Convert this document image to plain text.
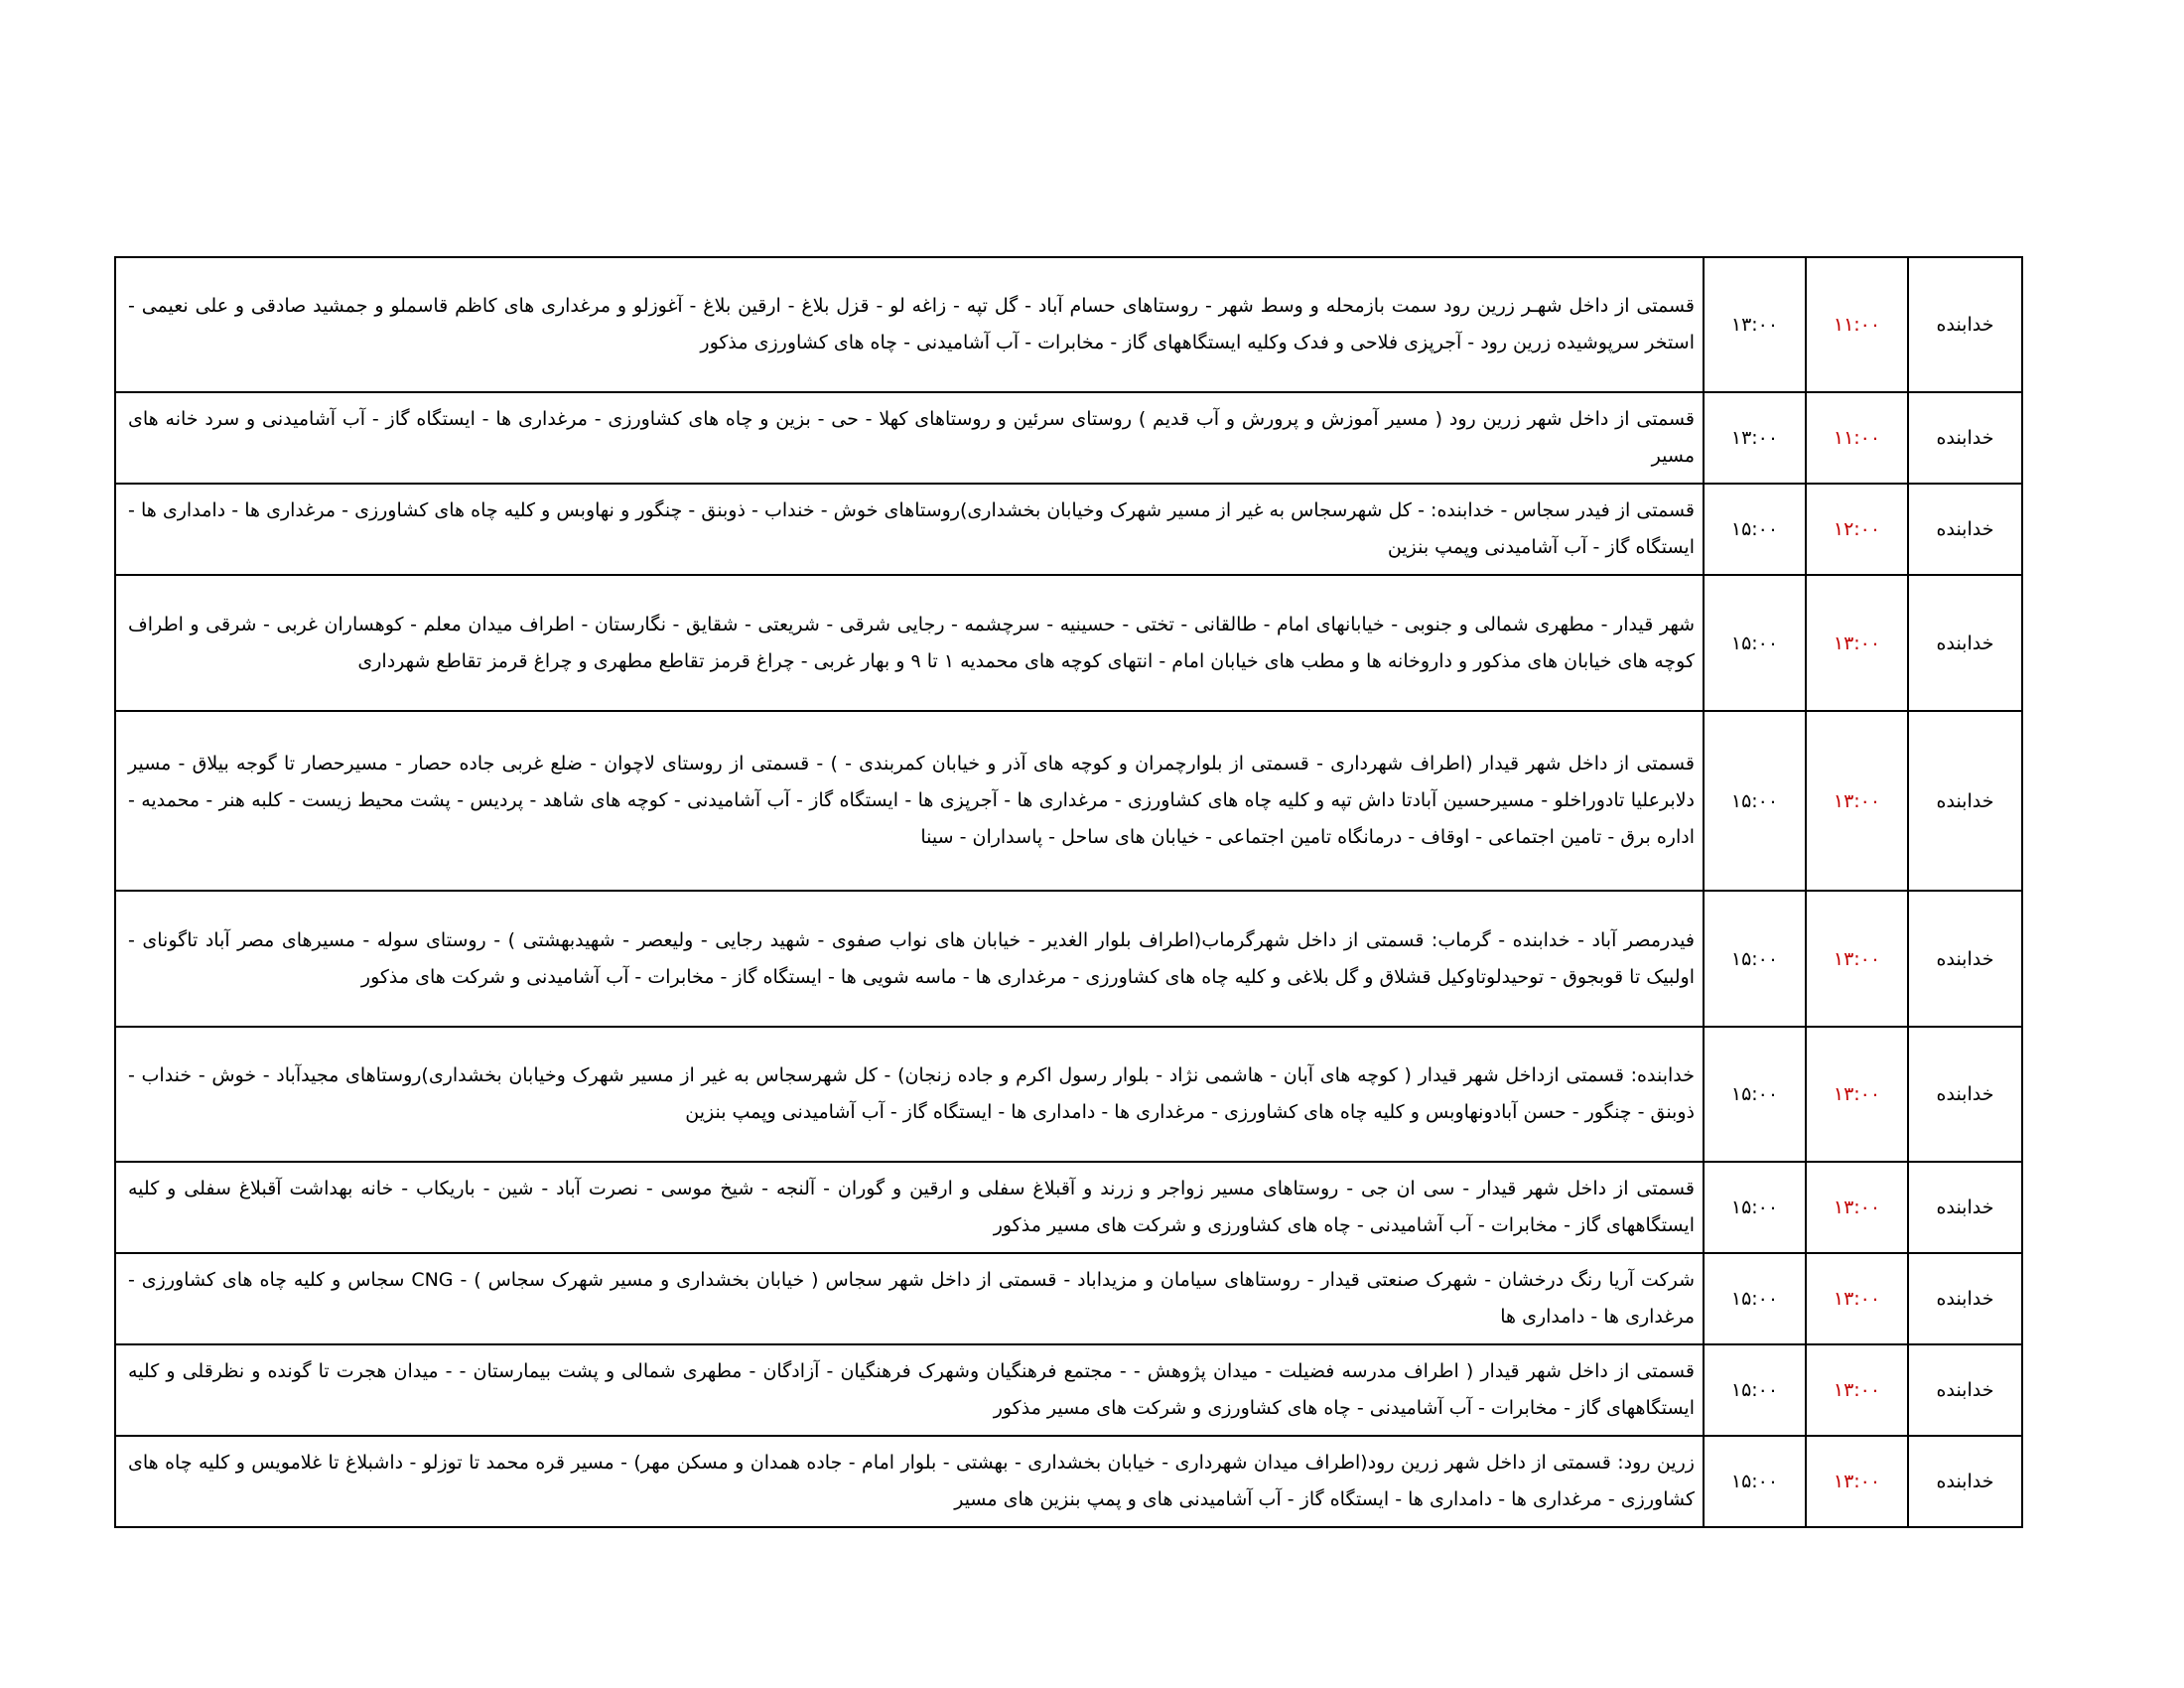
خدابنده	۱۱:۰۰	۱۳:۰۰	قسمتی از داخل شهـر زرین رود سمت بازمحله و وسط شهر - روستاهای حسام آباد - گل تپه - زاغه لو - قزل بلاغ - ارقین بلاغ - آغوزلو و مرغداری های کاظم قاسملو و جمشید صادقی و علی نعیمی - استخر سرپوشیده زرین رود - آجرپزی فلاحی و فدک وکلیه ایستگاههای گاز - مخابرات - آب آشامیدنی - چاه های کشاورزی مذکور
خدابنده	۱۱:۰۰	۱۳:۰۰	قسمتی از داخل شهر زرین رود ( مسیر آموزش و پرورش و آب قدیم ) روستای سرئین و روستاهای کهلا - حی - بزین و چاه های کشاورزی - مرغداری ها - ایستگاه گاز - آب آشامیدنی و سرد خانه های مسیر
خدابنده	۱۲:۰۰	۱۵:۰۰	قسمتی از فیدر سجاس - خدابنده: - کل شهرسجاس به غیر از مسیر شهرک وخیابان بخشداری)روستاهای خوش - خنداب - ذوبنق - چنگور و نهاوبس و کلیه چاه های کشاورزی - مرغداری ها - دامداری ها - ایستگاه گاز - آب آشامیدنی وپمپ بنزین
خدابنده	۱۳:۰۰	۱۵:۰۰	شهر قیدار - مطهری شمالی و جنوبی - خیابانهای امام - طالقانی - تختی - حسینیه - سرچشمه - رجایی شرقی - شریعتی - شقایق - نگارستان - اطراف میدان معلم - کوهساران غربی - شرقی و اطراف کوچه های خیابان های مذکور و داروخانه ها و مطب های خیابان امام - انتهای کوچه های محمدیه ۱ تا ۹ و بهار غربی - چراغ قرمز تقاطع مطهری و چراغ قرمز تقاطع شهرداری
خدابنده	۱۳:۰۰	۱۵:۰۰	قسمتی از داخل شهر قیدار (اطراف شهرداری - قسمتی از بلوارچمران و کوچه های آذر و خیابان کمربندی - ) - قسمتی از روستای لاچوان - ضلع غربی جاده حصار - مسیرحصار تا گوجه بیلاق - مسیر دلابرعلیا تادوراخلو - مسیرحسین آبادتا داش تپه و کلیه چاه های کشاورزی - مرغداری ها - آجرپزی ها - ایستگاه گاز - آب آشامیدنی - کوچه های شاهد - پردیس - پشت محیط زیست - کلبه هنر - محمدیه - اداره برق - تامین اجتماعی - اوقاف - درمانگاه تامین اجتماعی - خیابان های ساحل - پاسداران - سینا
خدابنده	۱۳:۰۰	۱۵:۰۰	فیدرمصر آباد - خدابنده - گرماب: قسمتی از داخل شهرگرماب(اطراف بلوار الغدیر - خیابان های نواب صفوی - شهید رجایی - ولیعصر - شهیدبهشتی ) - روستای سوله - مسیرهای مصر آباد تاگونای - اولبیک تا قوبجوق - توحیدلوتاوکیل قشلاق و گل بلاغی و کلیه چاه های کشاورزی - مرغداری ها - ماسه شویی ها - ایستگاه گاز - مخابرات - آب آشامیدنی و شرکت های مذکور
خدابنده	۱۳:۰۰	۱۵:۰۰	خدابنده: قسمتی ازداخل شهر قیدار ( کوچه های آبان - هاشمی نژاد - بلوار رسول اکرم و جاده زنجان) - کل شهرسجاس به غیر از مسیر شهرک وخیابان بخشداری)روستاهای مجیدآباد - خوش - خنداب - ذوبنق - چنگور - حسن آبادونهاوبس و کلیه چاه های کشاورزی - مرغداری ها - دامداری ها - ایستگاه گاز - آب آشامیدنی وپمپ بنزین
خدابنده	۱۳:۰۰	۱۵:۰۰	قسمتی از داخل شهر قیدار - سی ان جی - روستاهای مسیر زواجر و زرند و آقبلاغ سفلی و ارقین و گوران - آلنجه - شیخ موسی - نصرت آباد - شین - باریکاب - خانه بهداشت آقبلاغ سفلی و کلیه ایستگاههای گاز - مخابرات - آب آشامیدنی - چاه های کشاورزی و شرکت های مسیر مذکور
خدابنده	۱۳:۰۰	۱۵:۰۰	شرکت آریا رنگ درخشان - شهرک صنعتی قیدار - روستاهای سیامان و مزیداباد - قسمتی از داخل شهر سجاس ( خیابان بخشداری و مسیر شهرک سجاس ) - CNG سجاس و کلیه چاه های کشاورزی - مرغداری ها - دامداری ها
خدابنده	۱۳:۰۰	۱۵:۰۰	قسمتی از داخل شهر قیدار ( اطراف مدرسه فضیلت - میدان پژوهش - - مجتمع فرهنگیان وشهرک فرهنگیان - آزادگان - مطهری شمالی و پشت بیمارستان - - میدان هجرت تا گونده و نظرقلی و کلیه ایستگاههای گاز - مخابرات - آب آشامیدنی - چاه های کشاورزی و شرکت های مسیر مذکور
خدابنده	۱۳:۰۰	۱۵:۰۰	زرین رود: قسمتی از داخل شهر زرین رود(اطراف میدان شهرداری - خیابان بخشداری - بهشتی - بلوار امام - جاده همدان و مسکن مهر) - مسیر قره محمد تا توزلو - داشبلاغ تا غلامویس و کلیه چاه های کشاورزی - مرغداری ها - دامداری ها - ایستگاه گاز - آب آشامیدنی های و پمپ بنزین های مسیر
